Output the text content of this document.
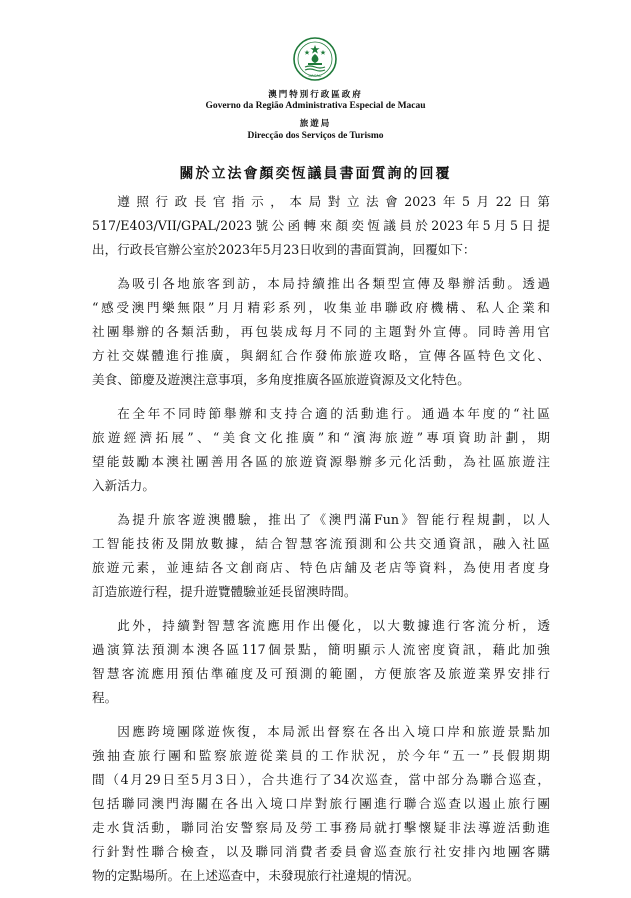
MACAU
澳門特別行政區政府
Governo da Região Administrativa Especial de Macau
旅遊局
Direcção dos Serviços de Turismo
關於立法會顏奕恆議員書面質詢的回覆
遵照行政長官指示，本局對立法會2023年5月22日第
517/E403/VII/GPAL/2023號公函轉來顏奕恆議員於2023年5月5日提
出，行政長官辦公室於2023年5月23日收到的書面質詢，回覆如下：
為吸引各地旅客到訪，本局持續推出各類型宣傳及舉辦活動。透過
“感受澳門樂無限”月月精彩系列，收集並串聯政府機構、私人企業和
社團舉辦的各類活動，再包裝成每月不同的主題對外宣傳。同時善用官
方社交媒體進行推廣，與網紅合作發佈旅遊攻略，宣傳各區特色文化、
美食、節慶及遊澳注意事項，多角度推廣各區旅遊資源及文化特色。
在全年不同時節舉辦和支持合適的活動進行。通過本年度的“社區
旅遊經濟拓展”、“美食文化推廣”和“濱海旅遊”專項資助計劃，期
望能鼓勵本澳社團善用各區的旅遊資源舉辦多元化活動，為社區旅遊注
入新活力。
為提升旅客遊澳體驗，推出了《澳門滿Fun》智能行程規劃，以人
工智能技術及開放數據，結合智慧客流預測和公共交通資訊，融入社區
旅遊元素，並連結各文創商店、特色店舖及老店等資料，為使用者度身
訂造旅遊行程，提升遊覽體驗並延長留澳時間。
此外，持續對智慧客流應用作出優化，以大數據進行客流分析，透
過演算法預測本澳各區117個景點，簡明顯示人流密度資訊，藉此加強
智慧客流應用預估準確度及可預測的範圍，方便旅客及旅遊業界安排行
程。
因應跨境團隊遊恢復，本局派出督察在各出入境口岸和旅遊景點加
強抽查旅行團和監察旅遊從業員的工作狀況，於今年“五一”長假期期
間（4月29日至5月3日），合共進行了34次巡查，當中部分為聯合巡查，
包括聯同澳門海關在各出入境口岸對旅行團進行聯合巡查以遏止旅行團
走水貨活動，聯同治安警察局及勞工事務局就打擊懷疑非法導遊活動進
行針對性聯合檢查，以及聯同消費者委員會巡查旅行社安排內地團客購
物的定點場所。在上述巡查中，未發現旅行社違規的情況。
